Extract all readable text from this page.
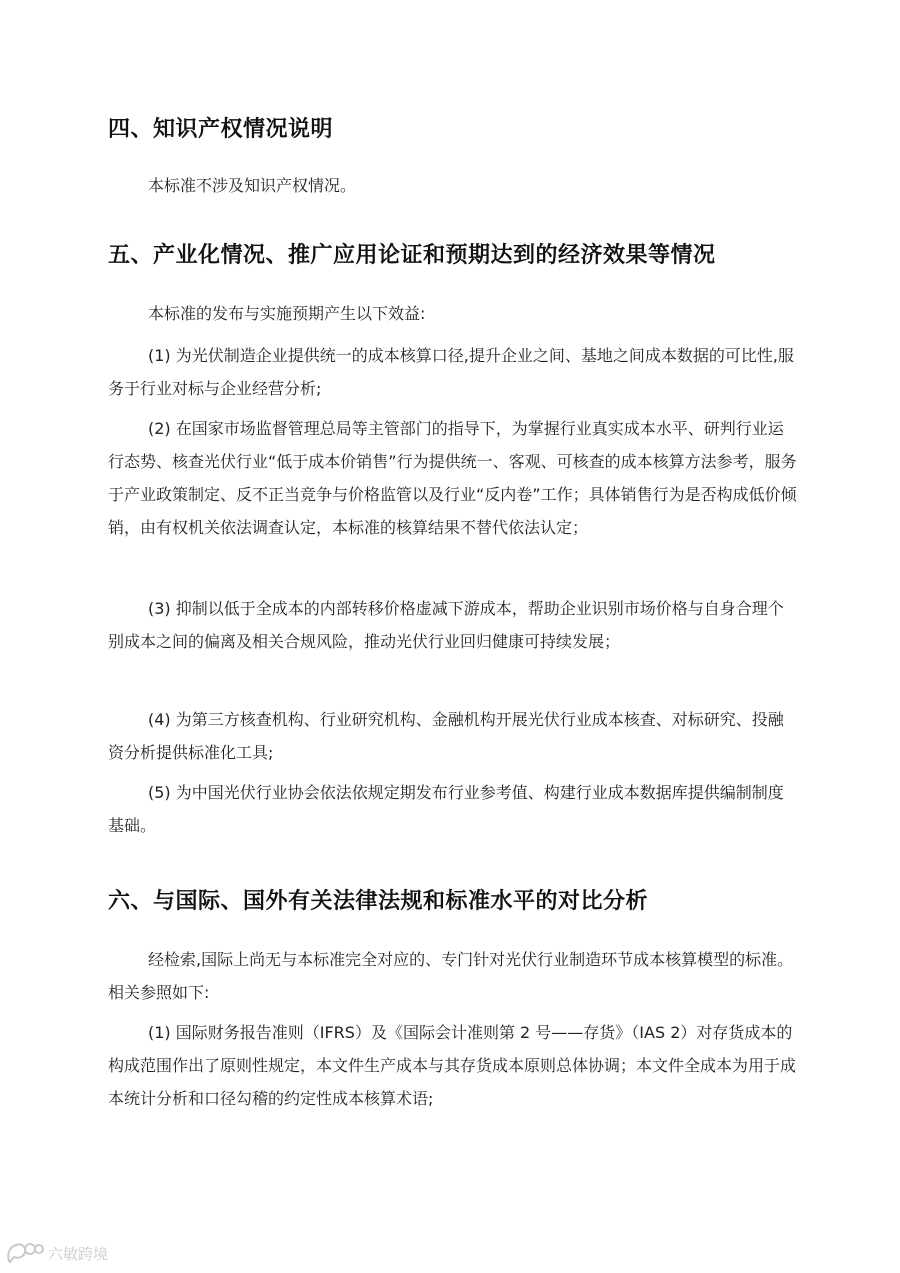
四、知识产权情况说明
本标准不涉及知识产权情况。
五、产业化情况、推广应用论证和预期达到的经济效果等情况
本标准的发布与实施预期产生以下效益:
(1) 为光伏制造企业提供统一的成本核算口径,提升企业之间、基地之间成本数据的可比性,服务于行业对标与企业经营分析;
(2) 在国家市场监督管理总局等主管部门的指导下，为掌握行业真实成本水平、研判行业运行态势、核查光伏行业“低于成本价销售”行为提供统一、客观、可核查的成本核算方法参考，服务于产业政策制定、反不正当竞争与价格监管以及行业“反内卷”工作；具体销售行为是否构成低价倾销，由有权机关依法调查认定，本标准的核算结果不替代依法认定；
(3) 抑制以低于全成本的内部转移价格虚减下游成本，帮助企业识别市场价格与自身合理个别成本之间的偏离及相关合规风险，推动光伏行业回归健康可持续发展；
(4) 为第三方核查机构、行业研究机构、金融机构开展光伏行业成本核查、对标研究、投融资分析提供标准化工具;
(5) 为中国光伏行业协会依法依规定期发布行业参考值、构建行业成本数据库提供编制制度基础。
六、与国际、国外有关法律法规和标准水平的对比分析
经检索,国际上尚无与本标准完全对应的、专门针对光伏行业制造环节成本核算模型的标准。相关参照如下:
(1) 国际财务报告准则（IFRS）及《国际会计准则第 2 号——存货》（IAS 2）对存货成本的构成范围作出了原则性规定，本文件生产成本与其存货成本原则总体协调；本文件全成本为用于成本统计分析和口径勾稽的约定性成本核算术语;
六敏跨境
